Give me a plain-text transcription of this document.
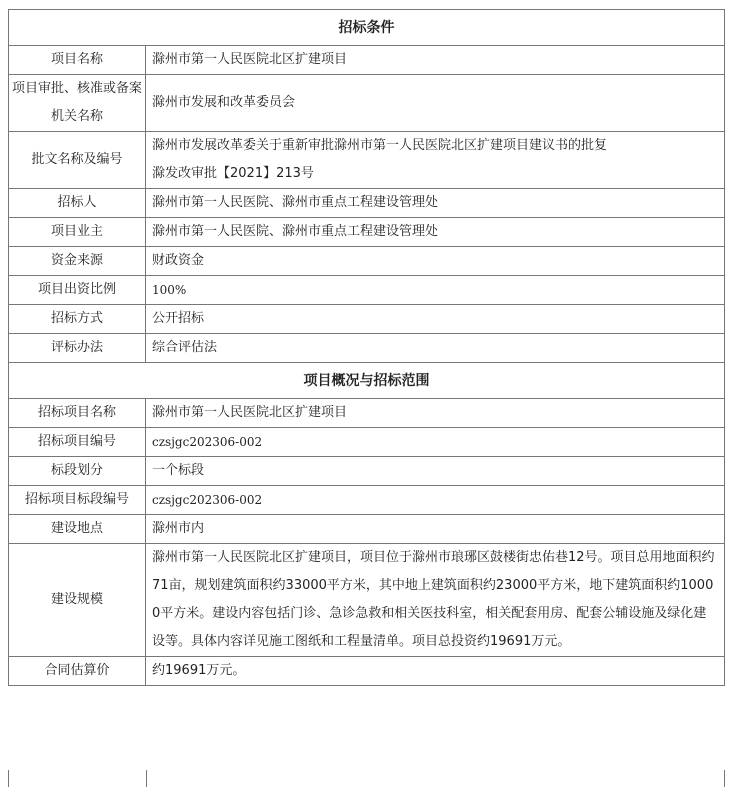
招标条件	
项目名称	滁州市第一人民医院北区扩建项目
项目审批、核准或备案机关名称	滁州市发展和改革委员会
批文名称及编号	滁州市发展改革委关于重新审批滁州市第一人民医院北区扩建项目建议书的批复
滁发改审批【2021】213号

招标人	滁州市第一人民医院、滁州市重点工程建设管理处
项目业主	滁州市第一人民医院、滁州市重点工程建设管理处
资金来源	财政资金
项目出资比例	100%
招标方式	公开招标
评标办法	综合评估法
项目概况与招标范围	
招标项目名称	滁州市第一人民医院北区扩建项目
招标项目编号	czsjgc202306-002
标段划分	一个标段
招标项目标段编号	czsjgc202306-002
建设地点	滁州市内
建设规模	滁州市第一人民医院北区扩建项目，项目位于滁州市琅琊区鼓楼街忠佑巷12号。项目总用地面积约71亩，规划建筑面积约33000平方米，其中地上建筑面积约23000平方米，地下建筑面积约10000平方米。建设内容包括门诊、急诊急救和相关医技科室，相关配套用房、配套公辅设施及绿化建设等。具体内容详见施工图纸和工程量清单。项目总投资约19691万元。
合同估算价	约19691万元。
